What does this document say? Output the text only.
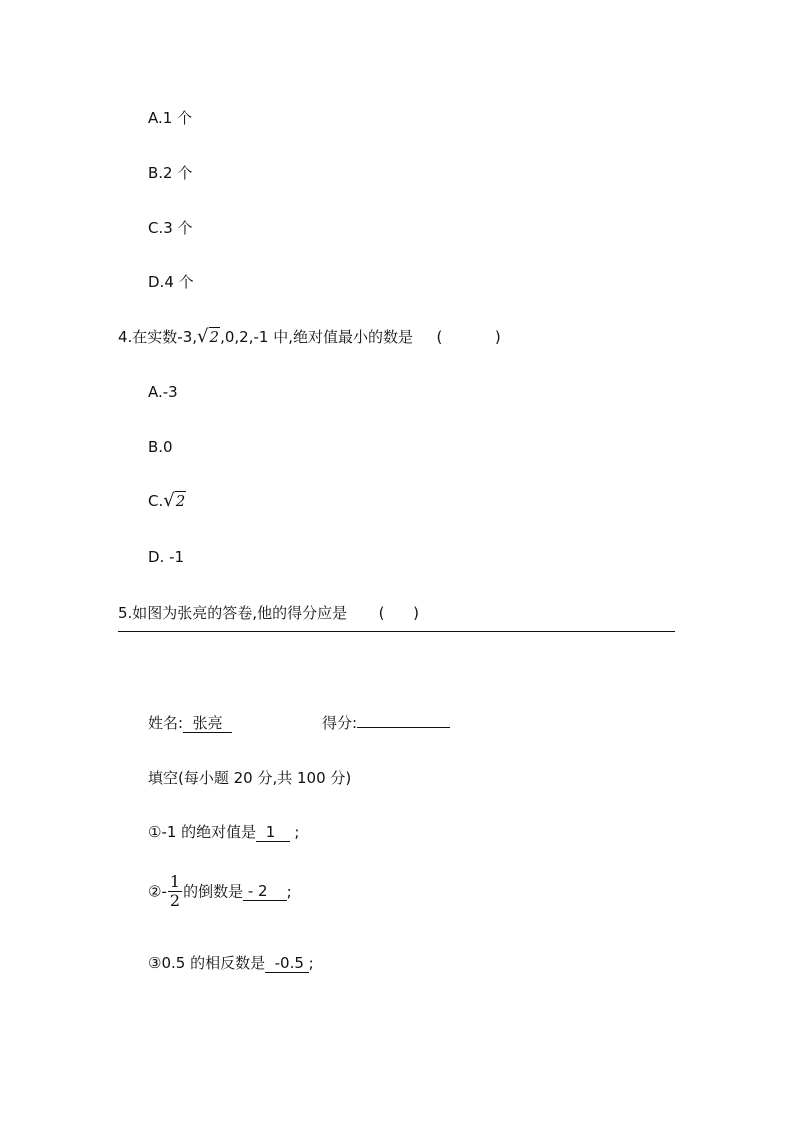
A.1 个
B.2 个
C.3 个
D.4 个
4.在实数-3,√2,0,2,-1 中,绝对值最小的数是 (           )
A.-3
B.0
C.√2
D. -1
5.如图为张亮的答卷,他的得分应是 (      )
姓名:  张亮	得分:
填空(每小题 20 分,共 100 分)
①-1 的绝对值是  1    ;
②- $\frac{1}{2}$ 的倒数是 - 2    ;
③0.5 的相反数是  -0.5 ;
